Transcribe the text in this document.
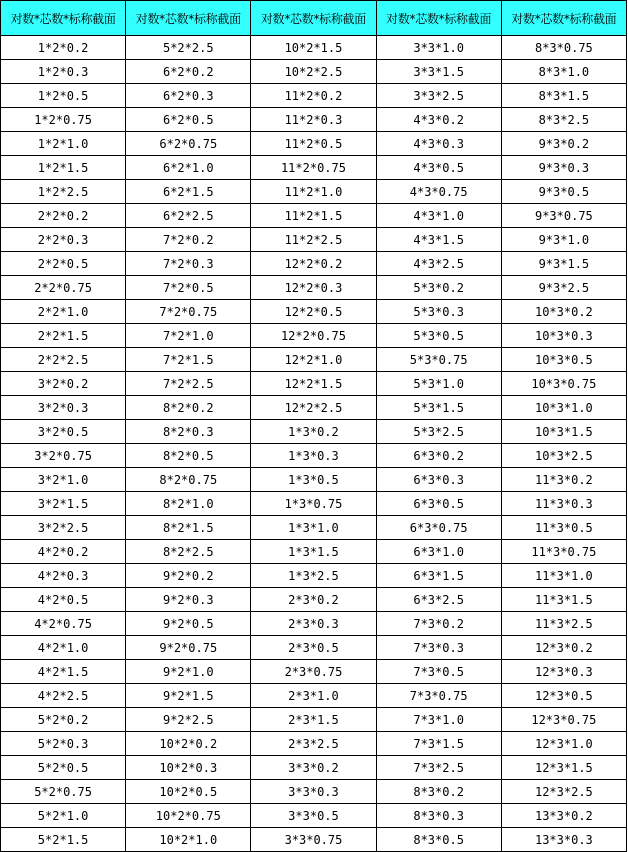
对数*芯数*标称截面	对数*芯数*标称截面	对数*芯数*标称截面	对数*芯数*标称截面	对数*芯数*标称截面
1*2*0.2	5*2*2.5	10*2*1.5	3*3*1.0	8*3*0.75
1*2*0.3	6*2*0.2	10*2*2.5	3*3*1.5	8*3*1.0
1*2*0.5	6*2*0.3	11*2*0.2	3*3*2.5	8*3*1.5
1*2*0.75	6*2*0.5	11*2*0.3	4*3*0.2	8*3*2.5
1*2*1.0	6*2*0.75	11*2*0.5	4*3*0.3	9*3*0.2
1*2*1.5	6*2*1.0	11*2*0.75	4*3*0.5	9*3*0.3
1*2*2.5	6*2*1.5	11*2*1.0	4*3*0.75	9*3*0.5
2*2*0.2	6*2*2.5	11*2*1.5	4*3*1.0	9*3*0.75
2*2*0.3	7*2*0.2	11*2*2.5	4*3*1.5	9*3*1.0
2*2*0.5	7*2*0.3	12*2*0.2	4*3*2.5	9*3*1.5
2*2*0.75	7*2*0.5	12*2*0.3	5*3*0.2	9*3*2.5
2*2*1.0	7*2*0.75	12*2*0.5	5*3*0.3	10*3*0.2
2*2*1.5	7*2*1.0	12*2*0.75	5*3*0.5	10*3*0.3
2*2*2.5	7*2*1.5	12*2*1.0	5*3*0.75	10*3*0.5
3*2*0.2	7*2*2.5	12*2*1.5	5*3*1.0	10*3*0.75
3*2*0.3	8*2*0.2	12*2*2.5	5*3*1.5	10*3*1.0
3*2*0.5	8*2*0.3	1*3*0.2	5*3*2.5	10*3*1.5
3*2*0.75	8*2*0.5	1*3*0.3	6*3*0.2	10*3*2.5
3*2*1.0	8*2*0.75	1*3*0.5	6*3*0.3	11*3*0.2
3*2*1.5	8*2*1.0	1*3*0.75	6*3*0.5	11*3*0.3
3*2*2.5	8*2*1.5	1*3*1.0	6*3*0.75	11*3*0.5
4*2*0.2	8*2*2.5	1*3*1.5	6*3*1.0	11*3*0.75
4*2*0.3	9*2*0.2	1*3*2.5	6*3*1.5	11*3*1.0
4*2*0.5	9*2*0.3	2*3*0.2	6*3*2.5	11*3*1.5
4*2*0.75	9*2*0.5	2*3*0.3	7*3*0.2	11*3*2.5
4*2*1.0	9*2*0.75	2*3*0.5	7*3*0.3	12*3*0.2
4*2*1.5	9*2*1.0	2*3*0.75	7*3*0.5	12*3*0.3
4*2*2.5	9*2*1.5	2*3*1.0	7*3*0.75	12*3*0.5
5*2*0.2	9*2*2.5	2*3*1.5	7*3*1.0	12*3*0.75
5*2*0.3	10*2*0.2	2*3*2.5	7*3*1.5	12*3*1.0
5*2*0.5	10*2*0.3	3*3*0.2	7*3*2.5	12*3*1.5
5*2*0.75	10*2*0.5	3*3*0.3	8*3*0.2	12*3*2.5
5*2*1.0	10*2*0.75	3*3*0.5	8*3*0.3	13*3*0.2
5*2*1.5	10*2*1.0	3*3*0.75	8*3*0.5	13*3*0.3
